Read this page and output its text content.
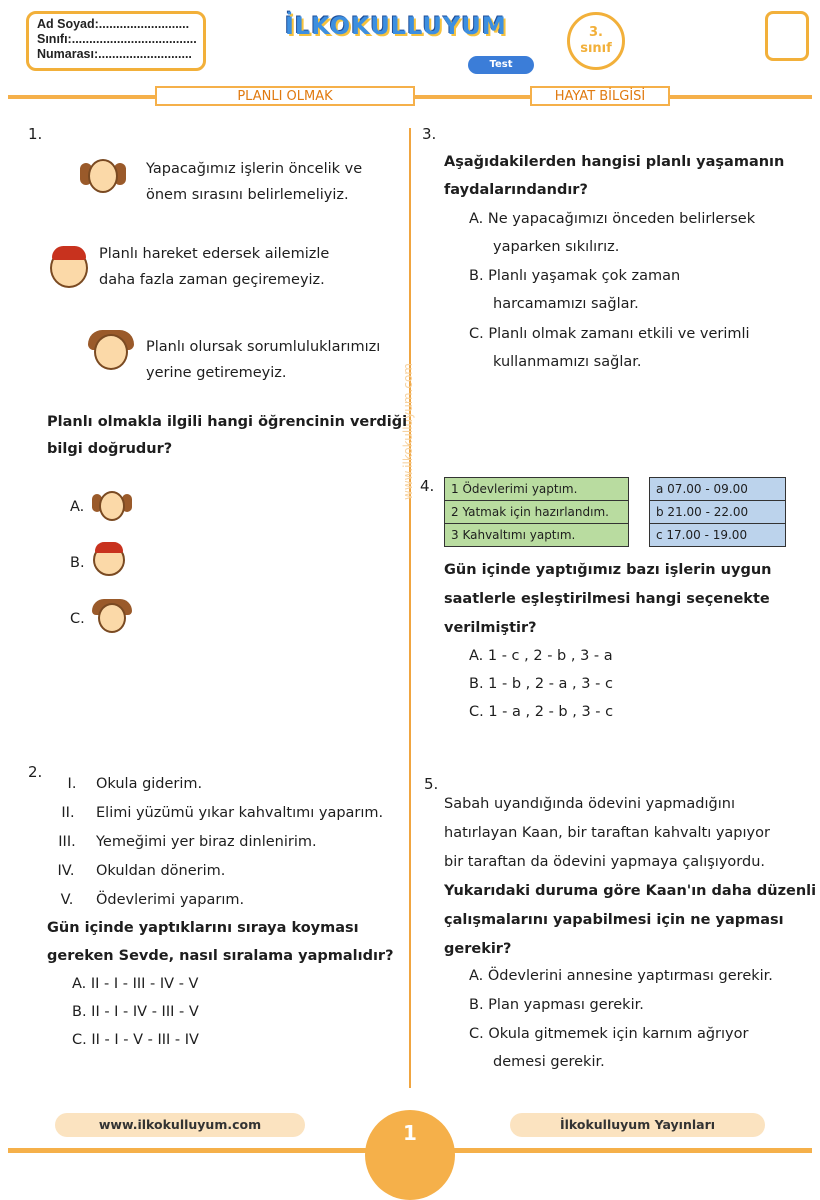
Ad Soyad:..........................
Sınıfı:....................................
Numarası:...........................
İLKOKULLUYUM
Test
3.
sınıf
PLANLI OLMAK	HAYAT BİLGİSİ
www.ilkokulluyum.com
1.
Yapacağımız işlerin öncelik ve
önem sırasını belirlemeliyiz.
Planlı hareket edersek ailemizle
daha fazla zaman geçiremeyiz.
Planlı olursak sorumluluklarımızı
yerine getiremeyiz.
Planlı olmakla ilgili hangi öğrencinin verdiği
bilgi doğrudur?
A.
B.
C.
2.
I.	Okula giderim.
II.	Elimi yüzümü yıkar kahvaltımı yaparım.
III.	Yemeğimi yer biraz dinlenirim.
IV.	Okuldan dönerim.
V.	Ödevlerimi yaparım.
Gün içinde yaptıklarını sıraya koyması
gereken Sevde, nasıl sıralama yapmalıdır?
A. II - I - III - IV - V
B. II - I - IV - III - V
C. II - I - V - III - IV
3.
Aşağıdakilerden hangisi planlı yaşamanın
faydalarındandır?
A. Ne yapacağımızı önceden belirlersek
yaparken sıkılırız.
B. Planlı yaşamak çok zaman
harcamamızı sağlar.
C. Planlı olmak zamanı etkili ve verimli
kullanmamızı sağlar.
4. 1 Ödevlerimi yaptım.
2 Yatmak için hazırlandım.
3 Kahvaltımı yaptım.
a 07.00 - 09.00
b 21.00 - 22.00
c 17.00 - 19.00
Gün içinde yaptığımız bazı işlerin uygun
saatlerle eşleştirilmesi hangi seçenekte
verilmiştir?
A. 1 - c , 2 - b , 3 - a
B. 1 - b , 2 - a , 3 - c
C. 1 - a , 2 - b , 3 - c
5.
Sabah uyandığında ödevini yapmadığını
hatırlayan Kaan, bir taraftan kahvaltı yapıyor
bir taraftan da ödevini yapmaya çalışıyordu.
Yukarıdaki duruma göre Kaan'ın daha düzenli
çalışmalarını yapabilmesi için ne yapması
gerekir?
A. Ödevlerini annesine yaptırması gerekir.
B. Plan yapması gerekir.
C. Okula gitmemek için karnım ağrıyor
demesi gerekir.
1
www.ilkokulluyum.com	İlkokulluyum Yayınları
